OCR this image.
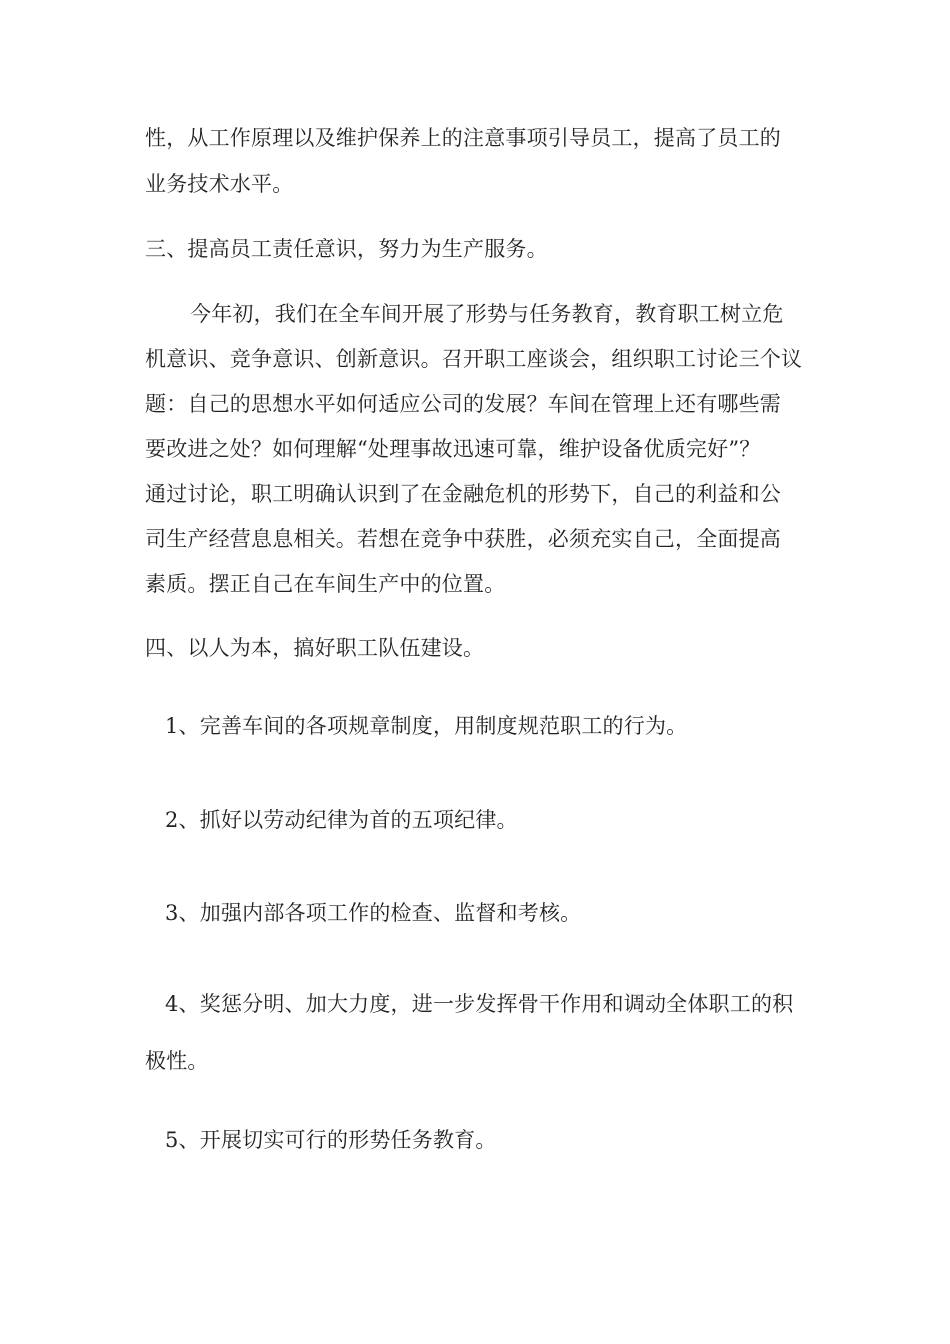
性，从工作原理以及维护保养上的注意事项引导员工，提高了员工的
业务技术水平。
三、提高员工责任意识，努力为生产服务。
今年初，我们在全车间开展了形势与任务教育，教育职工树立危
机意识、竞争意识、创新意识。召开职工座谈会，组织职工讨论三个议
题：自己的思想水平如何适应公司的发展？车间在管理上还有哪些需
要改进之处？如何理解“处理事故迅速可靠，维护设备优质完好”？
通过讨论，职工明确认识到了在金融危机的形势下，自己的利益和公
司生产经营息息相关。若想在竞争中获胜，必须充实自己，全面提高
素质。摆正自己在车间生产中的位置。
四、以人为本，搞好职工队伍建设。
1、完善车间的各项规章制度，用制度规范职工的行为。
2、抓好以劳动纪律为首的五项纪律。
3、加强内部各项工作的检查、监督和考核。
4、奖惩分明、加大力度，进一步发挥骨干作用和调动全体职工的积
极性。
5、开展切实可行的形势任务教育。
